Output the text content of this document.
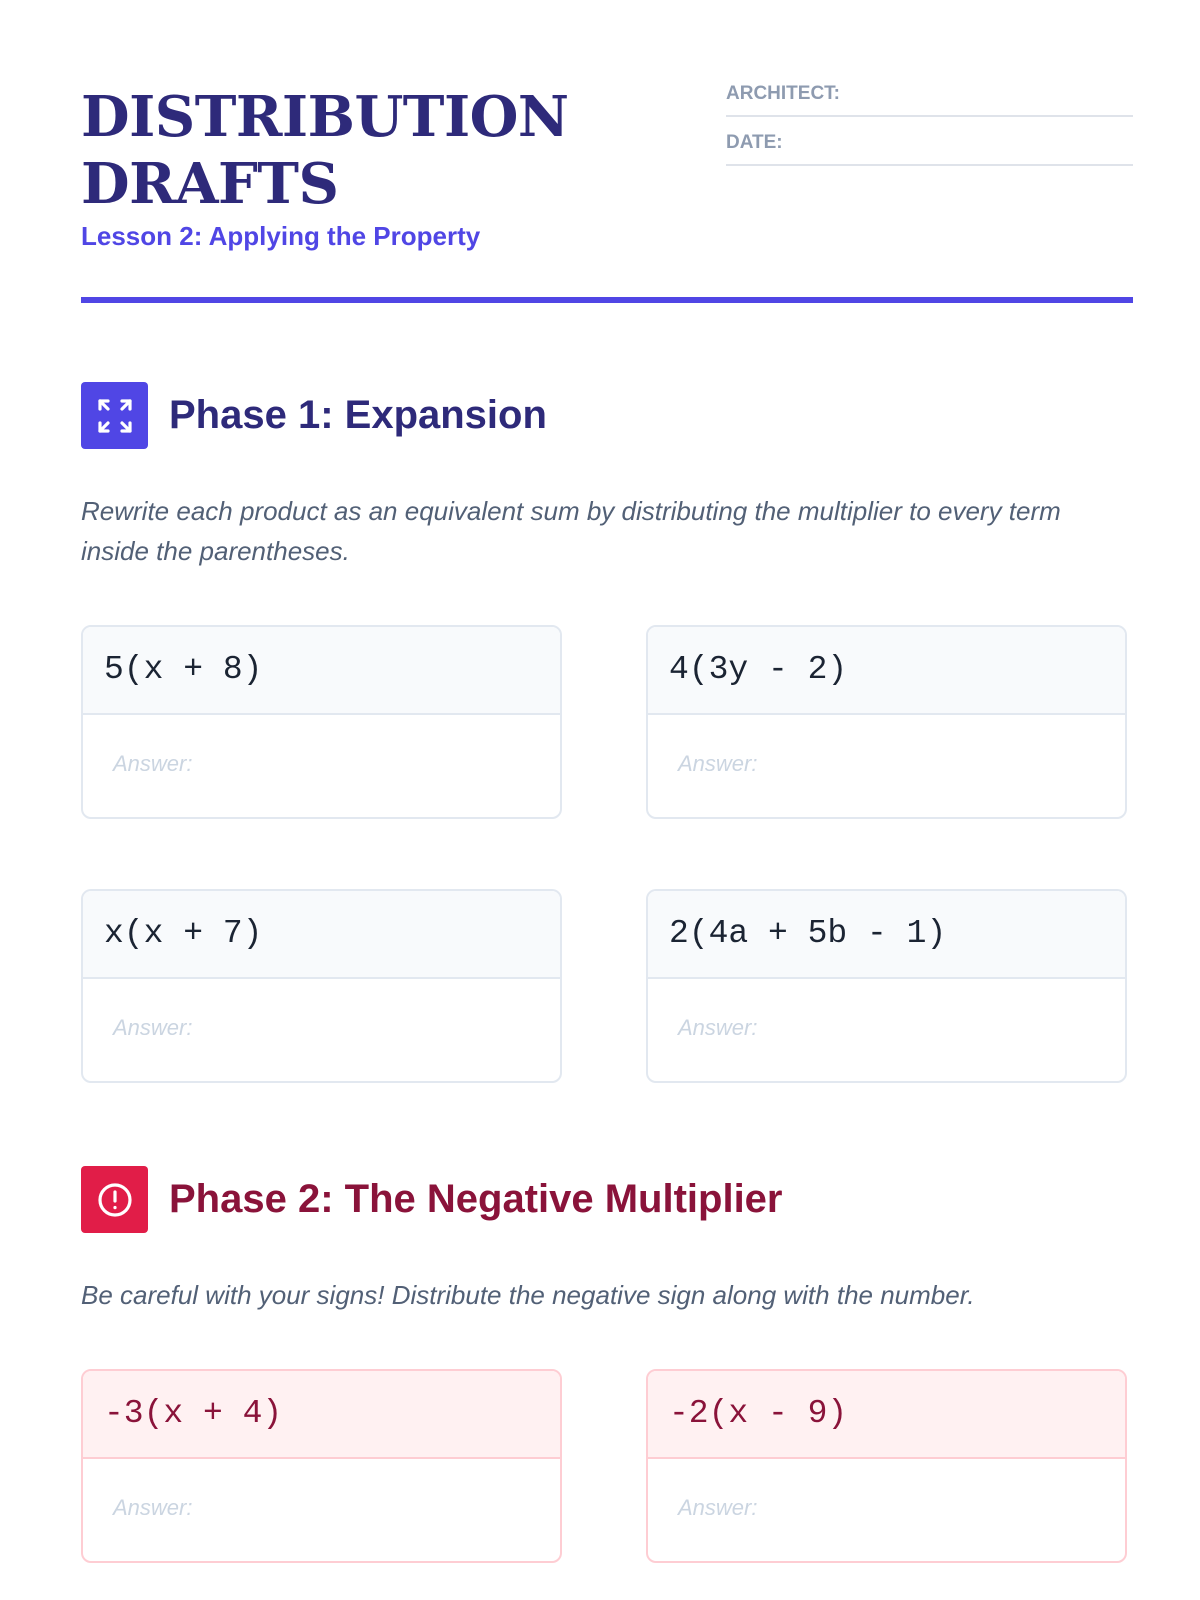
DISTRIBUTION
DRAFTS
Lesson 2: Applying the Property
ARCHITECT:
DATE:
Phase 1: Expansion
Rewrite each product as an equivalent sum by distributing the multiplier to every term inside the parentheses.
5(x + 8)
Answer:
4(3y - 2)
Answer:
x(x + 7)
Answer:
2(4a + 5b - 1)
Answer:
Phase 2: The Negative Multiplier
Be careful with your signs! Distribute the negative sign along with the number.
-3(x + 4)
Answer:
-2(x - 9)
Answer:
